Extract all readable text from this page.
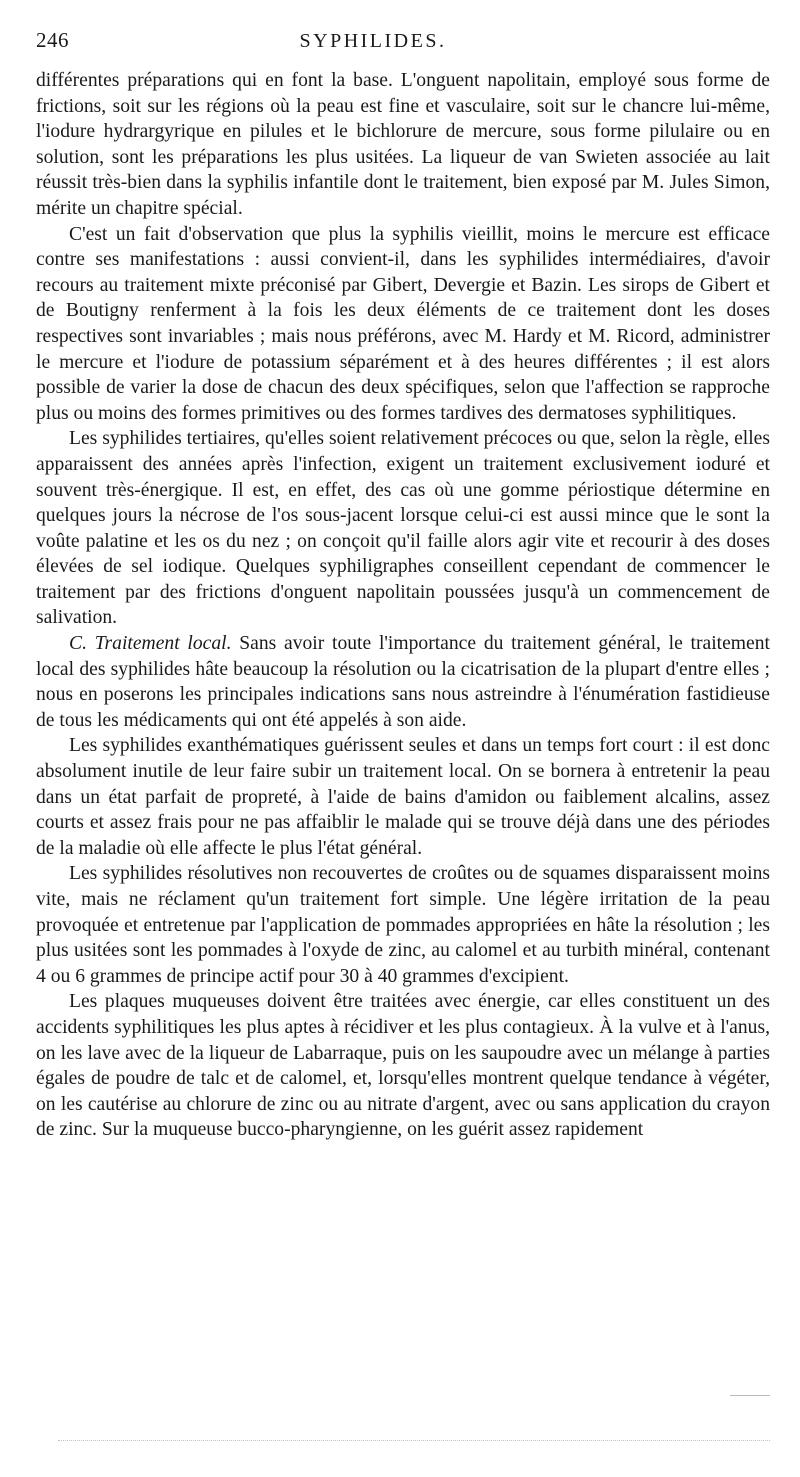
246	SYPHILIDES.

différentes préparations qui en font la base. L'onguent napolitain, employé sous forme de frictions, soit sur les régions où la peau est fine et vasculaire, soit sur le chancre lui-même, l'iodure hydrargyrique en pilules et le bichlorure de mercure, sous forme pilulaire ou en solution, sont les préparations les plus usitées. La liqueur de van Swieten associée au lait réussit très-bien dans la syphilis infantile dont le traitement, bien exposé par M. Jules Simon, mérite un chapitre spécial.

C'est un fait d'observation que plus la syphilis vieillit, moins le mercure est efficace contre ses manifestations : aussi convient-il, dans les syphilides intermédiaires, d'avoir recours au traitement mixte préconisé par Gibert, Devergie et Bazin. Les sirops de Gibert et de Boutigny renferment à la fois les deux éléments de ce traitement dont les doses respectives sont invariables ; mais nous préférons, avec M. Hardy et M. Ricord, administrer le mercure et l'iodure de potassium séparément et à des heures différentes ; il est alors possible de varier la dose de chacun des deux spécifiques, selon que l'affection se rapproche plus ou moins des formes primitives ou des formes tardives des dermatoses syphilitiques.

Les syphilides tertiaires, qu'elles soient relativement précoces ou que, selon la règle, elles apparaissent des années après l'infection, exigent un traitement exclusivement ioduré et souvent très-énergique. Il est, en effet, des cas où une gomme périostique détermine en quelques jours la nécrose de l'os sous-jacent lorsque celui-ci est aussi mince que le sont la voûte palatine et les os du nez ; on conçoit qu'il faille alors agir vite et recourir à des doses élevées de sel iodique. Quelques syphiligraphes conseillent cependant de commencer le traitement par des frictions d'onguent napolitain poussées jusqu'à un commencement de salivation.

C. Traitement local. Sans avoir toute l'importance du traitement général, le traitement local des syphilides hâte beaucoup la résolution ou la cicatrisation de la plupart d'entre elles ; nous en poserons les principales indications sans nous astreindre à l'énumération fastidieuse de tous les médicaments qui ont été appelés à son aide.

Les syphilides exanthématiques guérissent seules et dans un temps fort court : il est donc absolument inutile de leur faire subir un traitement local. On se bornera à entretenir la peau dans un état parfait de propreté, à l'aide de bains d'amidon ou faiblement alcalins, assez courts et assez frais pour ne pas affaiblir le malade qui se trouve déjà dans une des périodes de la maladie où elle affecte le plus l'état général.

Les syphilides résolutives non recouvertes de croûtes ou de squames disparaissent moins vite, mais ne réclament qu'un traitement fort simple. Une légère irritation de la peau provoquée et entretenue par l'application de pommades appropriées en hâte la résolution ; les plus usitées sont les pommades à l'oxyde de zinc, au calomel et au turbith minéral, contenant 4 ou 6 grammes de principe actif pour 30 à 40 grammes d'excipient.

Les plaques muqueuses doivent être traitées avec énergie, car elles constituent un des accidents syphilitiques les plus aptes à récidiver et les plus contagieux. À la vulve et à l'anus, on les lave avec de la liqueur de Labarraque, puis on les saupoudre avec un mélange à parties égales de poudre de talc et de calomel, et, lorsqu'elles montrent quelque tendance à végéter, on les cautérise au chlorure de zinc ou au nitrate d'argent, avec ou sans application du crayon de zinc. Sur la muqueuse bucco-pharyngienne, on les guérit assez rapidement
